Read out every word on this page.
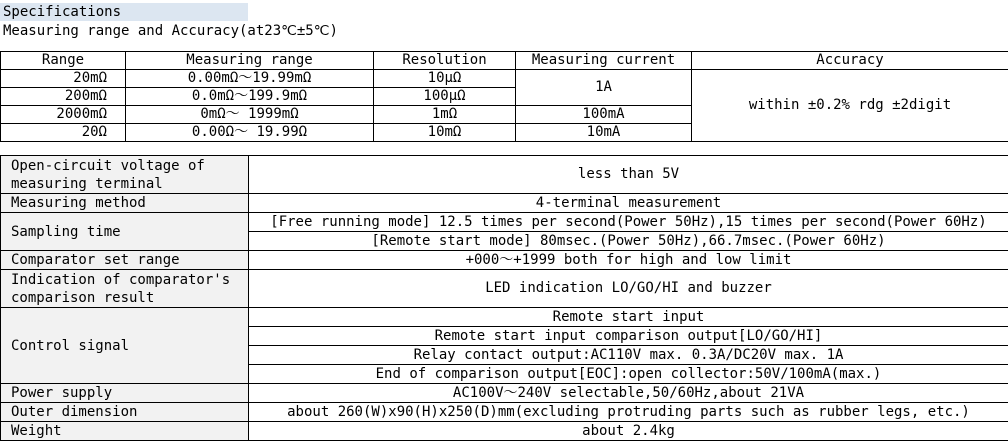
Specifications
Measuring range and Accuracy(at23℃±5℃)
Range	Measuring range	Resolution	Measuring current	Accuracy
20mΩ	0.00mΩ～19.99mΩ	10μΩ	1A	within ±0.2% rdg ±2digit
200mΩ	0.0mΩ～199.9mΩ	100μΩ		
2000mΩ	0mΩ～ 1999mΩ	1mΩ	100mA	
20Ω	0.00Ω～ 19.99Ω	10mΩ	10mA	
Open-circuit voltage of measuring terminal	less than 5V
Measuring method	4-terminal measurement
Sampling time	[Free running mode] 12.5 times per second(Power 50Hz),15 times per second(Power 60Hz)
	[Remote start mode] 80msec.(Power 50Hz),66.7msec.(Power 60Hz)
Comparator set range	+000～+1999 both for high and low limit
Indication of comparator's comparison result	LED indication LO/GO/HI and buzzer
Control signal	Remote start input
	Remote start input comparison output[LO/GO/HI]
	Relay contact output:AC110V max. 0.3A/DC20V max. 1A
	End of comparison output[EOC]:open collector:50V/100mA(max.)
Power supply	AC100V～240V selectable,50/60Hz,about 21VA
Outer dimension	about 260(W)x90(H)x250(D)mm(excluding protruding parts such as rubber legs, etc.)
Weight	about 2.4kg
